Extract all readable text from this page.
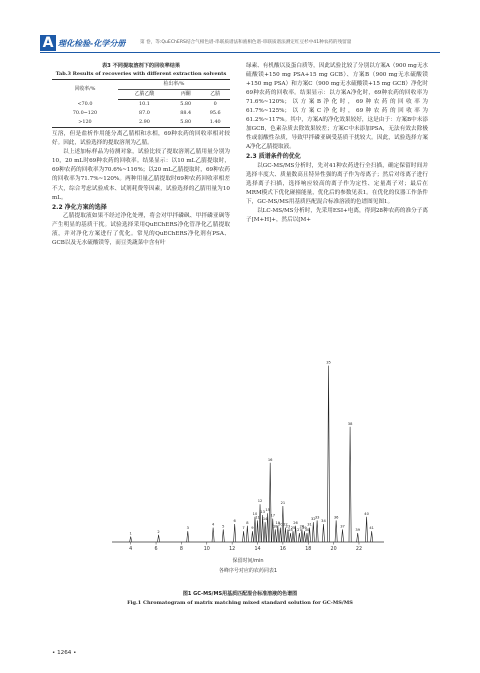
A 理化检验-化学分册	第 卷，等:QuEChERS结合气相色谱-串联质谱法和液相色谱-串联质谱法测定红豆杉中41种农药的残留量
表3 不同提取溶剂下的回收率结果
Tab.3 Results of recoveries with different extraction solvents
回收率/%	检出率/%		
	乙腈乙酸	丙酮	乙腈
<70.0	10.1	5.80	0
70.0~120	87.0	88.4	95.6
>120	2.90	5.80	1.40

互溶，但是盐析作用能分离乙腈相和水相，69种农药的回收率相对较好。因此，试验选择的提取溶剂为乙腈。

以上述加标样品为待测对象，试验比较了提取溶剂乙腈用量分别为10，20 mL时69种农药的回收率。结果显示：以10 mL乙腈提取时，69种农药的回收率为70.6%~116%；以20 mL乙腈提取时，69种农药的回收率为71.7%~120%。两种用量乙腈提取时69种农药回收率相差不大，综合考虑试验成本、试剂耗费等因素，试验选择的乙腈用量为10 mL。

2.2 净化方案的选择

乙腈提取液如果不经过净化处理，将会对甲拌磷砜、甲拌磷亚砜等产生明显的基质干扰。试验选择采用QuEChERS净化管净化乙腈提取液，并对净化方案进行了优化。常见的QuEChERS净化剂有PSA、GCB以及无水硫酸镁等，而豆类蔬菜中含有叶

绿素、有机酸以及蛋白质等，因此试验比较了分别以方案A（900 mg无水硫酸镁+150 mg PSA+15 mg GCB）、方案B（900 mg无水硫酸镁+150 mg PSA）和方案C（900 mg无水硫酸镁+15 mg GCB）净化时69种农药的回收率。结果显示：以方案A净化时，69种农药的回收率为71.6%~120%；以方案B净化时，69种农药的回收率为61.7%~125%；以方案C净化时，69种农药的回收率为61.2%~117%。其中，方案A的净化效果较好，这是由于：方案B中未添加GCB，色素杂质去除效果较差；方案C中未添加PSA，无法有效去除极性或弱酸性杂质，导致甲拌磷亚砜受基质干扰较大。因此，试验选择方案A净化乙腈提取液。

2.3 质谱条件的优化

以GC-MS/MS分析时，先对41种农药进行全扫描，确定保留时间并选择丰度大、质量数高且特异性强的离子作为母离子；然后对母离子进行选择离子扫描，选择响应较高的离子作为定性、定量离子对；最后在MRM模式下优化碰撞能量，优化后的参数见表1。在优化的仪器工作条件下，GC-MS/MS用基质匹配混合标准溶液的色谱图见图1。

以LC-MS/MS分析时，先采用ESI+电离，得到28种农药的准分子离子[M+H]+，然后以[M+

1	2
3
4 5
6
7
8
9
10
11
12
13
14
15
16
17
18
19
20
21
22
23
24
25
26
27
28
29
30
31
32 33
34
35
36
37
38
39
40
41
4	6	8	10	12	14	16	18	20	22
保留时间/min
各峰序号对应的农药同表1
图1 GC-MS/MS用基质匹配混合标准溶液的色谱图
Fig.1 Chromatogram of matrix matching mixed standard solution for GC-MS/MS
• 1264 •
